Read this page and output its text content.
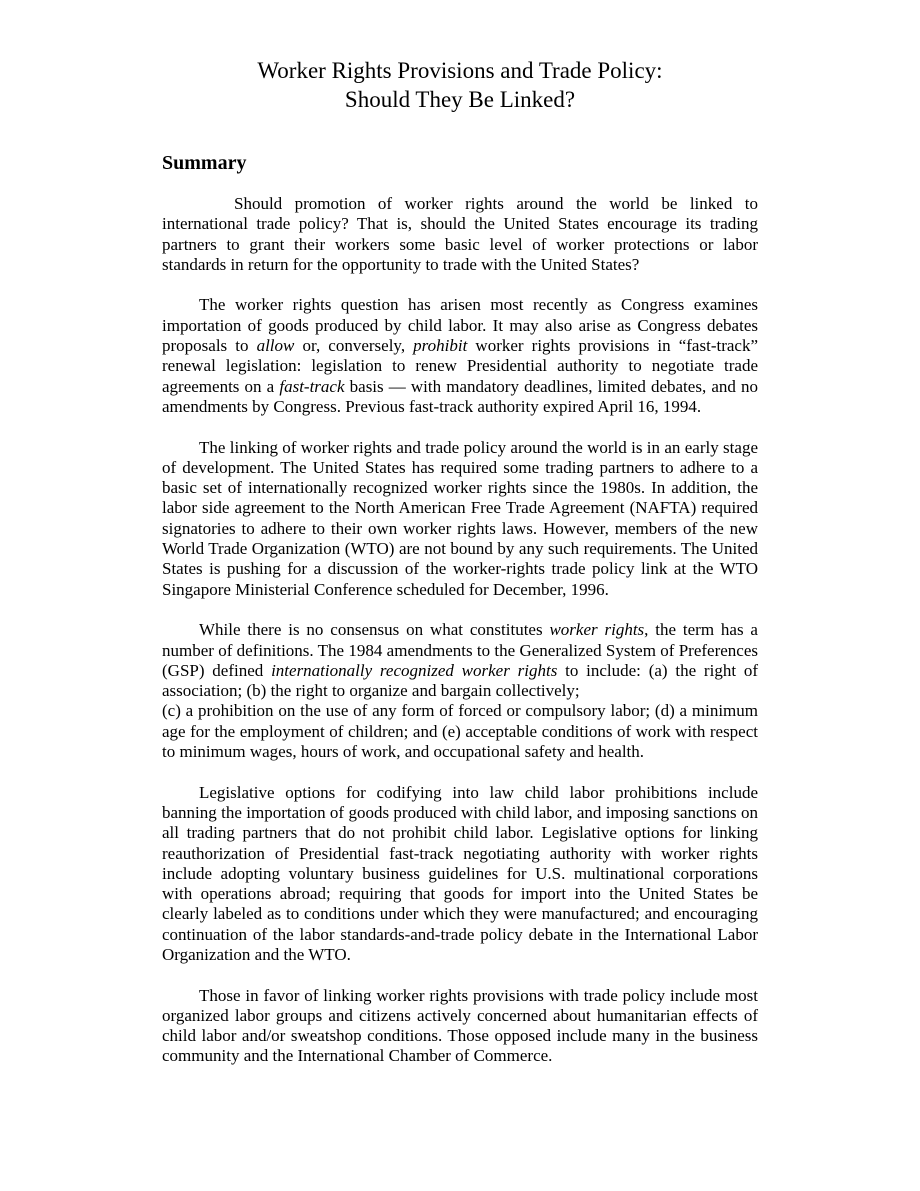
Worker Rights Provisions and Trade Policy:
Should They Be Linked?
Summary

Should promotion of worker rights around the world be linked to international trade policy? That is, should the United States encourage its trading partners to grant their workers some basic level of worker protections or labor standards in return for the opportunity to trade with the United States?

The worker rights question has arisen most recently as Congress examines importation of goods produced by child labor. It may also arise as Congress debates proposals to allow or, conversely, prohibit worker rights provisions in “fast-track” renewal legislation: legislation to renew Presidential authority to negotiate trade agreements on a fast-track basis — with mandatory deadlines, limited debates, and no amendments by Congress. Previous fast-track authority expired April 16, 1994.

The linking of worker rights and trade policy around the world is in an early stage of development. The United States has required some trading partners to adhere to a basic set of internationally recognized worker rights since the 1980s. In addition, the labor side agreement to the North American Free Trade Agreement (NAFTA) required signatories to adhere to their own worker rights laws. However, members of the new World Trade Organization (WTO) are not bound by any such requirements. The United States is pushing for a discussion of the worker-rights trade policy link at the WTO Singapore Ministerial Conference scheduled for December, 1996.

While there is no consensus on what constitutes worker rights, the term has a number of definitions. The 1984 amendments to the Generalized System of Preferences (GSP) defined internationally recognized worker rights to include: (a) the right of association; (b) the right to organize and bargain collectively;
(c) a prohibition on the use of any form of forced or compulsory labor; (d) a minimum age for the employment of children; and (e) acceptable conditions of work with respect to minimum wages, hours of work, and occupational safety and health.

Legislative options for codifying into law child labor prohibitions include banning the importation of goods produced with child labor, and imposing sanctions on all trading partners that do not prohibit child labor. Legislative options for linking reauthorization of Presidential fast-track negotiating authority with worker rights include adopting voluntary business guidelines for U.S. multinational corporations with operations abroad; requiring that goods for import into the United States be clearly labeled as to conditions under which they were manufactured; and encouraging continuation of the labor standards-and-trade policy debate in the International Labor Organization and the WTO.

Those in favor of linking worker rights provisions with trade policy include most organized labor groups and citizens actively concerned about humanitarian effects of child labor and/or sweatshop conditions. Those opposed include many in the business community and the International Chamber of Commerce.
